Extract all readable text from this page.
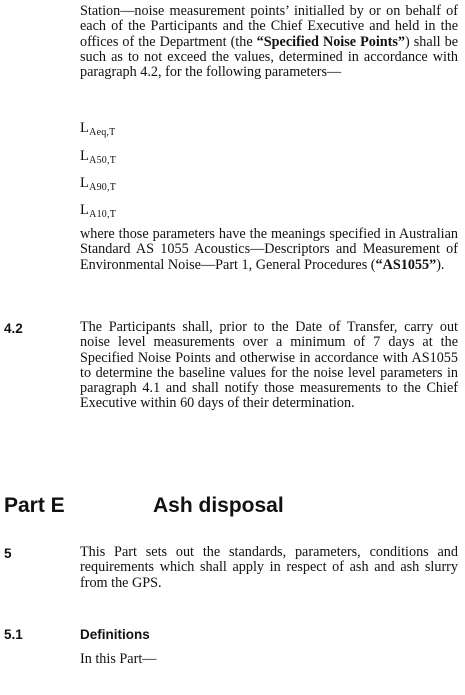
Station—noise measurement points’ initialled by or on behalf of each of the Participants and the Chief Executive and held in the offices of the Department (the “Specified Noise Points”) shall be such as to not exceed the values, determined in accordance with paragraph 4.2, for the following parameters—

$L_{Aeq,T}$

$L_{A50,T}$

$L_{A90,T}$

$L_{A10,T}$

where those parameters have the meanings specified in Australian Standard AS 1055 Acoustics—Descriptors and Measurement of Environmental Noise—Part 1, General Procedures (“AS1055”).

4.2	The Participants shall, prior to the Date of Transfer, carry out noise level measurements over a minimum of 7 days at the Specified Noise Points and otherwise in accordance with AS1055 to determine the baseline values for the noise level parameters in paragraph 4.1 and shall notify those measurements to the Chief Executive within 60 days of their determination.

Part E	Ash disposal

5	This Part sets out the standards, parameters, conditions and requirements which shall apply in respect of ash and ash slurry from the GPS.

5.1	Definitions

In this Part—
